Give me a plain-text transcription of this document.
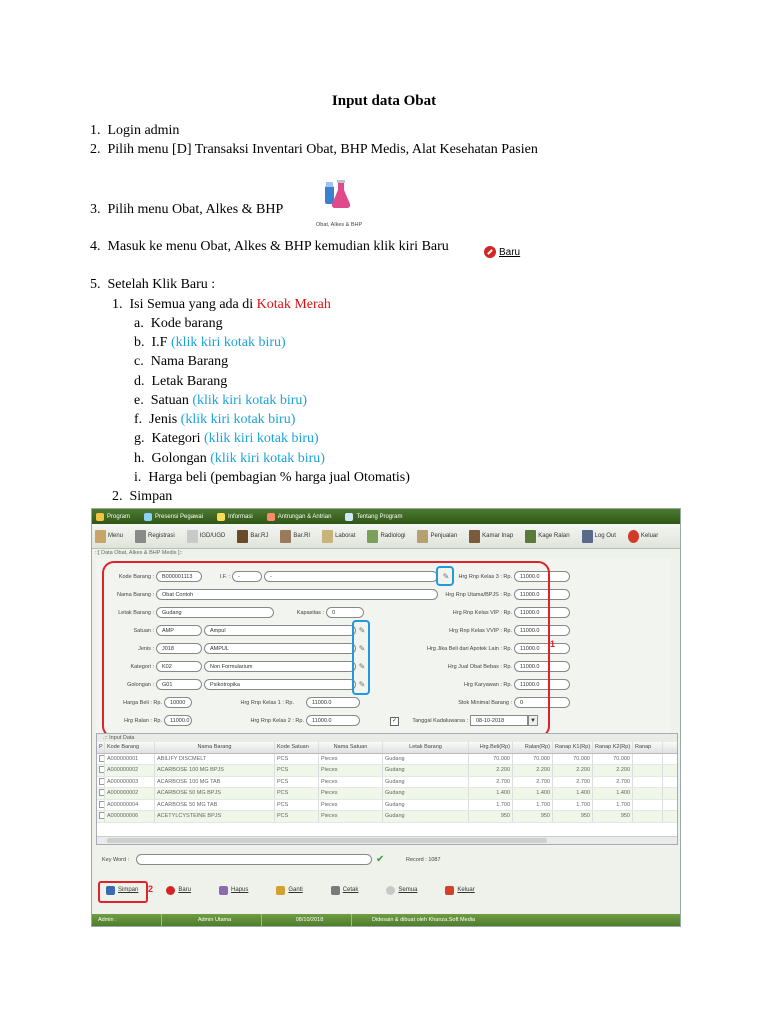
Input data Obat
1. Login admin
2. Pilih menu [D] Transaksi Inventari Obat, BHP Medis, Alat Kesehatan Pasien
3. Pilih menu Obat, Alkes & BHP
Obat, Alkes & BHP
4. Masuk ke menu Obat, Alkes & BHP kemudian klik kiri Baru	Baru
5. Setelah Klik Baru :
1. Isi Semua yang ada di Kotak Merah
a. Kode barang
b. I.F (klik kiri kotak biru)
c. Nama Barang
d. Letak Barang
e. Satuan (klik kiri kotak biru)
f. Jenis (klik kiri kotak biru)
g. Kategori (klik kiri kotak biru)
h. Golongan (klik kiri kotak biru)
i. Harga beli (pembagian % harga jual Otomatis)
2. Simpan
Program	Presensi Pegawai	Informasi	Antrungan & Antrian	Tentang Program
Menu	Registrasi	IGD/UGD	Bar.RJ	Bar.RI	Laborat	Radiologi	Penjualan	Kamar Inap	Kage Ralan	Log Out	Keluar
::[ Data Obat, Alkes & BHP Medis ]::
Kode Barang :	B000001113	I.F. :	-	-	✎
Nama Barang :	Obat Contoh
Letak Barang :	Gudang	Kapasitas :	0
Satuan :	AMP	Ampul	✎
Jenis :	J018	AMPUL	✎
Kategori :	K02	Non Formularium	✎
Golongan :	G01	Psikotropika	✎
Harga Beli : Rp.	10000	Hrg Rnp Kelas 1 : Rp.	11000.0
Hrg Ralan : Rp.	11000.0	Hrg Rnp Kelas 2 : Rp.	11000.0
Hrg Rnp Kelas 3 : Rp.	11000.0
Hrg Rnp Utama/BPJS : Rp.	11000.0
Hrg Rnp Kelas VIP : Rp.	11000.0
Hrg Rnp Kelas VVIP : Rp.	11000.0
Hrg Jika Beli dari Apotek Lain : Rp.	11000.0
Hrg Jual Obat Bebas : Rp.	11000.0
Hrg Karyawan : Rp.	11000.0
Stok Minimal Barang :	0
✓	Tanggal Kadaluwarsa :	08-10-2018	▼
1
.:: Input Data
P Kode Barang	Nama Barang	Kode Satuan	Nama Satuan	Letak Barang	Hrg.Beli(Rp)	Ralan(Rp) Ranap K1(Rp) Ranap K2(Rp) Ranap
A000000001	ABILIFY DISCMELT	PCS	Pieces	Gudang	70.000	70.000	70.000	70.000
A000000002	ACARBOSE 100 MG BPJS	PCS	Pieces	Gudang	2.200	2.200	2.200	2.200
A000000003	ACARBOSE 100 MG TAB	PCS	Pieces	Gudang	2.700	2.700	2.700	2.700
A000000002	ACARBOSE 50 MG BPJS	PCS	Pieces	Gudang	1.400	1.400	1.400	1.400
A000000004	ACARBOSE 50 MG TAB	PCS	Pieces	Gudang	1.700	1.700	1.700	1.700
A000000006	ACETYLCYSTEINE BPJS	PCS	Pieces	Gudang	950	950	950	950
Key Word :	✔	Record : 1087
Simpan	Baru	Hapus	Ganti	Cetak	Semua	Keluar
2
Admin :	Admin Utama	08/10/2018	Didesain & dibuat oleh Khanza.Soft Media
